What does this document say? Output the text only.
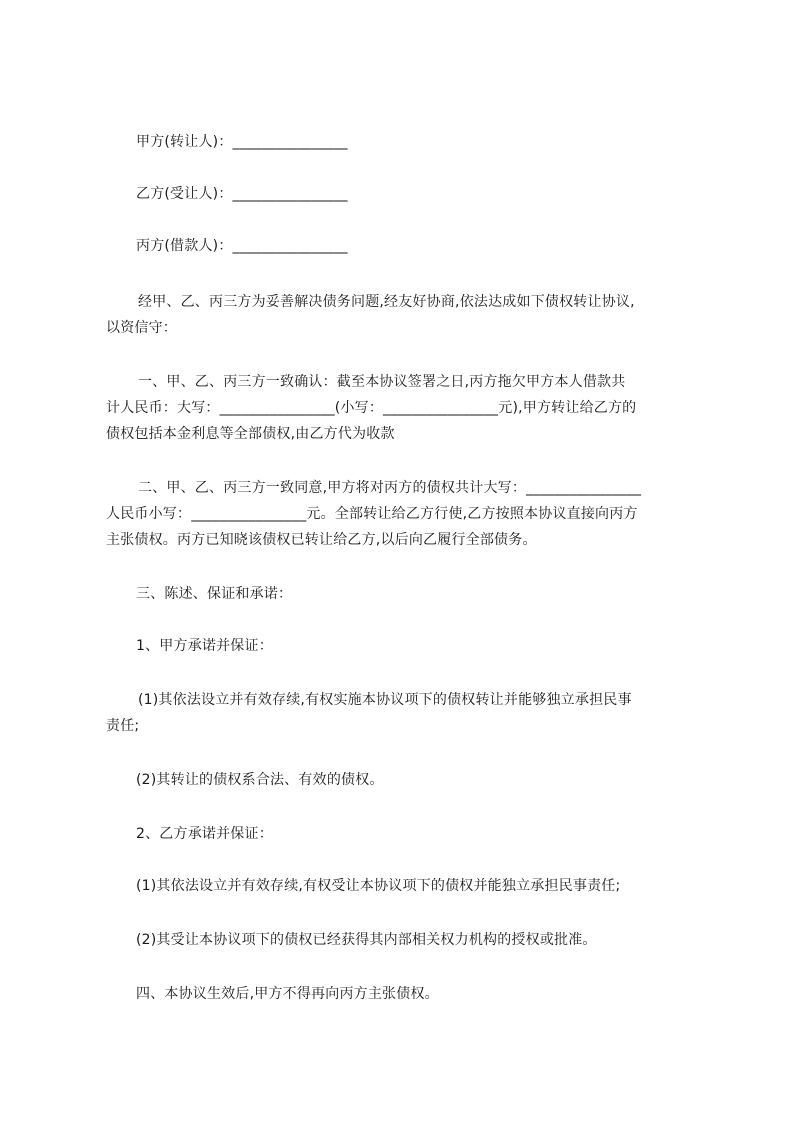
甲方(转让人)：________________
乙方(受让人)：________________
丙方(借款人)：________________
经甲、乙、丙三方为妥善解决债务问题,经友好协商,依法达成如下债权转让协议,
以资信守：
一、甲、乙、丙三方一致确认：截至本协议签署之日,丙方拖欠甲方本人借款共
计人民币：大写：________________(小写：________________元),甲方转让给乙方的
债权包括本金利息等全部债权,由乙方代为收款
二、甲、乙、丙三方一致同意,甲方将对丙方的债权共计大写：________________
人民币小写：________________元。全部转让给乙方行使,乙方按照本协议直接向丙方
主张债权。丙方已知晓该债权已转让给乙方,以后向乙履行全部债务。
三、陈述、保证和承诺：
1、甲方承诺并保证：
(1)其依法设立并有效存续,有权实施本协议项下的债权转让并能够独立承担民事
责任;
(2)其转让的债权系合法、有效的债权。
2、乙方承诺并保证：
(1)其依法设立并有效存续,有权受让本协议项下的债权并能独立承担民事责任;
(2)其受让本协议项下的债权已经获得其内部相关权力机构的授权或批准。
四、本协议生效后,甲方不得再向丙方主张债权。
